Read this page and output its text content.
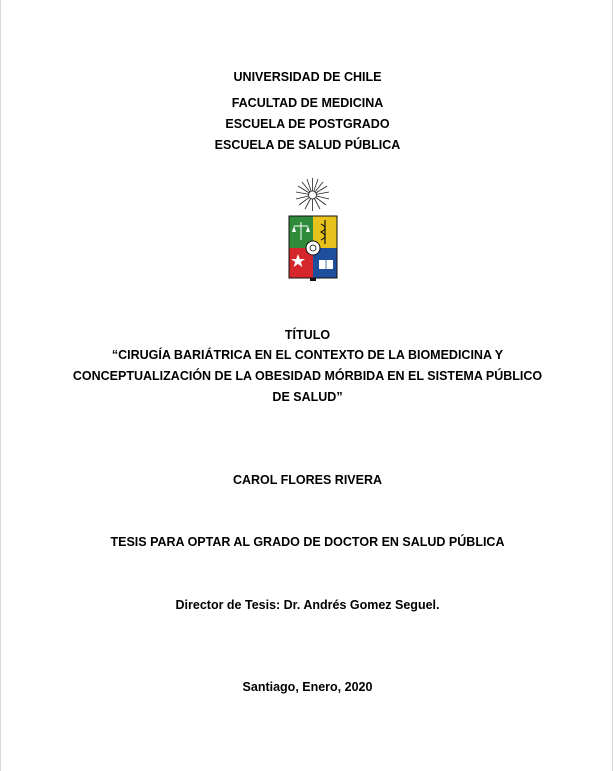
UNIVERSIDAD DE CHILE
FACULTAD DE MEDICINA
ESCUELA DE POSTGRADO
ESCUELA DE SALUD PÚBLICA
TÍTULO
“CIRUGÍA BARIÁTRICA EN EL CONTEXTO DE LA BIOMEDICINA Y
CONCEPTUALIZACIÓN DE LA OBESIDAD MÓRBIDA EN EL SISTEMA PÚBLICO
DE SALUD”
CAROL FLORES RIVERA
TESIS PARA OPTAR AL GRADO DE DOCTOR EN SALUD PÚBLICA
Director de Tesis: Dr. Andrés Gomez Seguel.
Santiago, Enero, 2020
